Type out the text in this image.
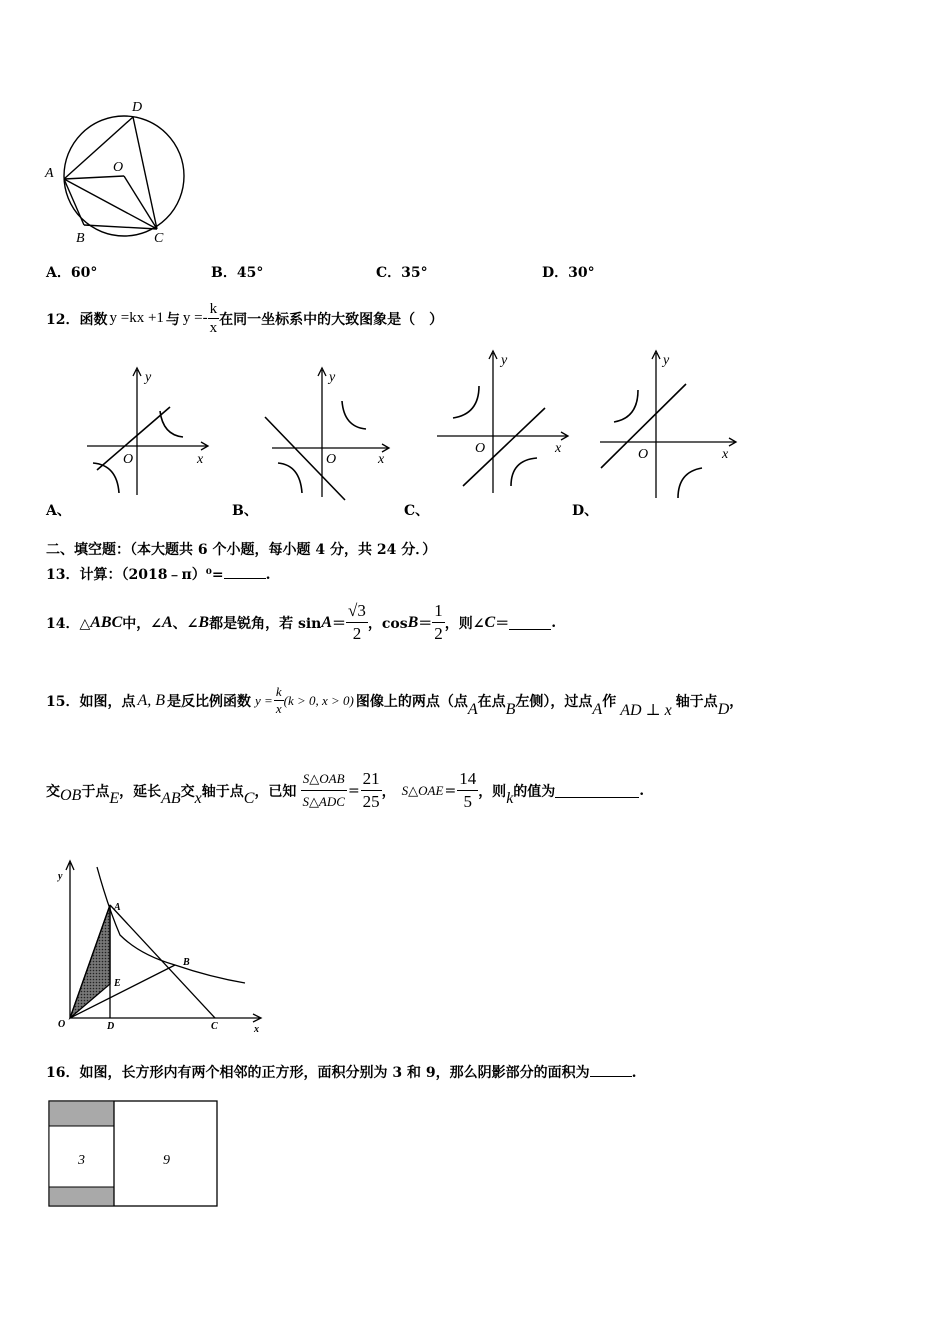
D
A	O
B	C
A．60°	B．45°	C．35°	D．30°
12． 函数 y =kx +1 与 $y =- \frac{k}{x}$ 在同一坐标系中的大致图象是（　）
y
x
O
y
x
O
y
x
O
y
x
O
A、	B、	C、	D、
二、填空题：（本大题共 6 个小题，每小题 4 分，共 24 分．）
13．计算：（2018﹣π）⁰=	.
14．△ ABC 中，∠ A 、∠ B 都是锐角，若 $\sin A = \frac{√3}{2}$ ，$\cos B = \frac{1}{2}$ ，则∠ C ＝	.
15．如图，点 A, B 是反比例函数 $y = \frac{k}{x} (k > 0$, x > 0) 图像上的两点（点 A 在点 B 左侧），过点 A 作 AD ⊥ x 轴于点 D ，
交 OB 于点 E ，延长 AB 交 x 轴于点 C ，已知 $\frac{\text{S△OAB}}{\text{S△ADC}} = \frac{21}{25}$ ， S△OAE = $\frac{14}{5}$ ，则 k 的值为	.
y
A
B
E
O	D	C	x
16．如图，长方形内有两个相邻的正方形，面积分别为 3 和 9，那么阴影部分的面积为	.
3	9
